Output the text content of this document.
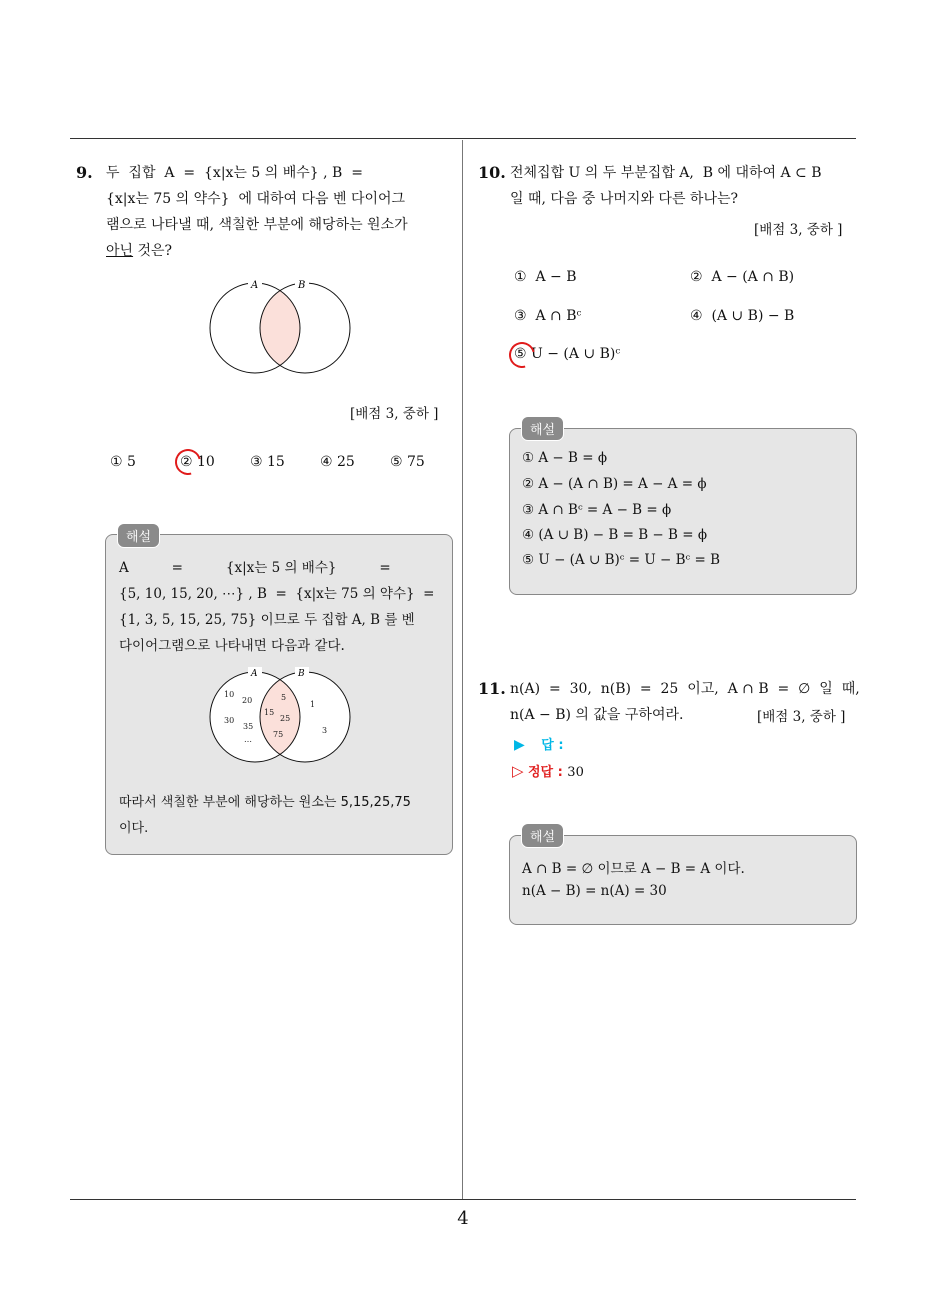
9. 두  집합  A  =  {x|x는 5 의 배수} , B  =
{x|x는 75 의 약수}  에 대하여 다음 벤 다이어그
램으로 나타낼 때, 색칠한 부분에 해당하는 원소가
아닌 것은?
A	B
[배점 3, 중하 ]
① 5	② 10	③ 15	④ 25	⑤ 75
해설
A          =          {x|x는 5 의 배수}          =
{5, 10, 15, 20, ⋯} , B  =  {x|x는 75 의 약수}  =
{1, 3, 5, 15, 25, 75} 이므로 두 집합 A, B 를 벤
다이어그램으로 나타내면 다음과 같다.
A	B
10
20
30
35
…
5
15
25
75
1
3
따라서 색칠한 부분에 해당하는 원소는 5,15,25,75
이다.
10. 전체집합 U 의 두 부분집합 A,  B 에 대하여 A ⊂ B
일 때, 다음 중 나머지와 다른 하나는?
[배점 3, 중하 ]
①  A − B	②  A − (A ∩ B)
③  A ∩ Bᶜ	④  (A ∪ B) − B
⑤ U − (A ∪ B)ᶜ
해설
① A − B = ϕ
② A − (A ∩ B) = A − A = ϕ
③ A ∩ Bᶜ = A − B = ϕ
④ (A ∪ B) − B = B − B = ϕ
⑤ U − (A ∪ B)ᶜ = U − Bᶜ = B
11. n(A)  =  30,  n(B)  =  25  이고,  A ∩ B  =  ∅  일  때,
n(A − B) 의 값을 구하여라.	[배점 3, 중하 ]
▶ 답 :
▷ 정답 : 30
해설
A ∩ B = ∅ 이므로 A − B = A 이다.
n(A − B) = n(A) = 30
4
